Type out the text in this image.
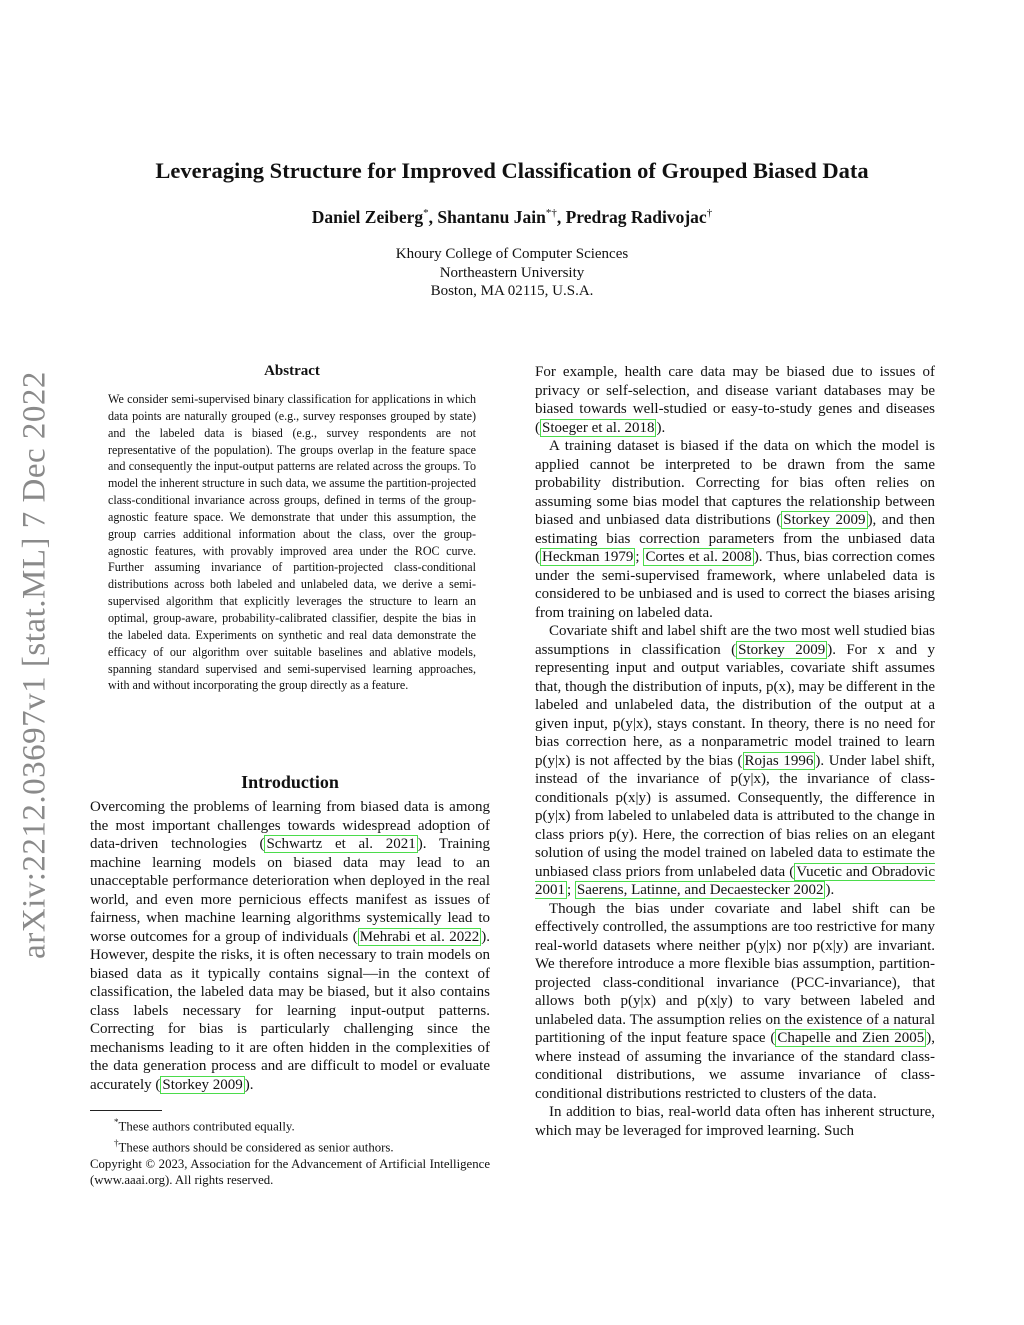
arXiv:2212.03697v1 [stat.ML] 7 Dec 2022
Leveraging Structure for Improved Classification of Grouped Biased Data
Daniel Zeiberg*, Shantanu Jain*†, Predrag Radivojac†
Khoury College of Computer Sciences
Northeastern University
Boston, MA 02115, U.S.A.
Abstract

We consider semi-supervised binary classification for applications in which data points are naturally grouped (e.g., survey responses grouped by state) and the labeled data is biased (e.g., survey respondents are not representative of the population). The groups overlap in the feature space and consequently the input-output patterns are related across the groups. To model the inherent structure in such data, we assume the partition-projected class-conditional invariance across groups, defined in terms of the group-agnostic feature space. We demonstrate that under this assumption, the group carries additional information about the class, over the group-agnostic features, with provably improved area under the ROC curve. Further assuming invariance of partition-projected class-conditional distributions across both labeled and unlabeled data, we derive a semi-supervised algorithm that explicitly leverages the structure to learn an optimal, group-aware, probability-calibrated classifier, despite the bias in the labeled data. Experiments on synthetic and real data demonstrate the efficacy of our algorithm over suitable baselines and ablative models, spanning standard supervised and semi-supervised learning approaches, with and without incorporating the group directly as a feature.

Introduction

Overcoming the problems of learning from biased data is among the most important challenges towards widespread adoption of data-driven technologies ( Schwartz et al. 2021 ). Training machine learning models on biased data may lead to an unacceptable performance deterioration when deployed in the real world, and even more pernicious effects manifest as issues of fairness, when machine learning algorithms systemically lead to worse outcomes for a group of individuals ( Mehrabi et al. 2022 ). However, despite the risks, it is often necessary to train models on biased data as it typically contains signal—in the context of classification, the labeled data may be biased, but it also contains class labels necessary for learning input-output patterns. Correcting for bias is particularly challenging since the mechanisms leading to it are often hidden in the complexities of the data generation process and are difficult to model or evaluate accurately ( Storkey 2009 ).

*These authors contributed equally.

†These authors should be considered as senior authors.

Copyright © 2023, Association for the Advancement of Artificial Intelligence (www.aaai.org). All rights reserved.

For example, health care data may be biased due to issues of privacy or self-selection, and disease variant databases may be biased towards well-studied or easy-to-study genes and diseases ( Stoeger et al. 2018 ).

A training dataset is biased if the data on which the model is applied cannot be interpreted to be drawn from the same probability distribution. Correcting for bias often relies on assuming some bias model that captures the relationship between biased and unbiased data distributions ( Storkey 2009 ), and then estimating bias correction parameters from the unbiased data ( Heckman 1979 ; Cortes et al. 2008 ). Thus, bias correction comes under the semi-supervised framework, where unlabeled data is considered to be unbiased and is used to correct the biases arising from training on labeled data.

Covariate shift and label shift are the two most well studied bias assumptions in classification ( Storkey 2009 ). For x and y representing input and output variables, covariate shift assumes that, though the distribution of inputs, p(x), may be different in the labeled and unlabeled data, the distribution of the output at a given input, p(y|x), stays constant. In theory, there is no need for bias correction here, as a nonparametric model trained to learn p(y|x) is not affected by the bias ( Rojas 1996 ). Under label shift, instead of the invariance of p(y|x), the invariance of class-conditionals p(x|y) is assumed. Consequently, the difference in p(y|x) from labeled to unlabeled data is attributed to the change in class priors p(y). Here, the correction of bias relies on an elegant solution of using the model trained on labeled data to estimate the unbiased class priors from unlabeled data ( Vucetic and Obradovic 2001 ; Saerens, Latinne, and Decaestecker 2002 ).

Though the bias under covariate and label shift can be effectively controlled, the assumptions are too restrictive for many real-world datasets where neither p(y|x) nor p(x|y) are invariant. We therefore introduce a more flexible bias assumption, partition-projected class-conditional invariance (PCC-invariance), that allows both p(y|x) and p(x|y) to vary between labeled and unlabeled data. The assumption relies on the existence of a natural partitioning of the input feature space ( Chapelle and Zien 2005 ), where instead of assuming the invariance of the standard class-conditional distributions, we assume invariance of class-conditional distributions restricted to clusters of the data.

In addition to bias, real-world data often has inherent structure, which may be leveraged for improved learning. Such
